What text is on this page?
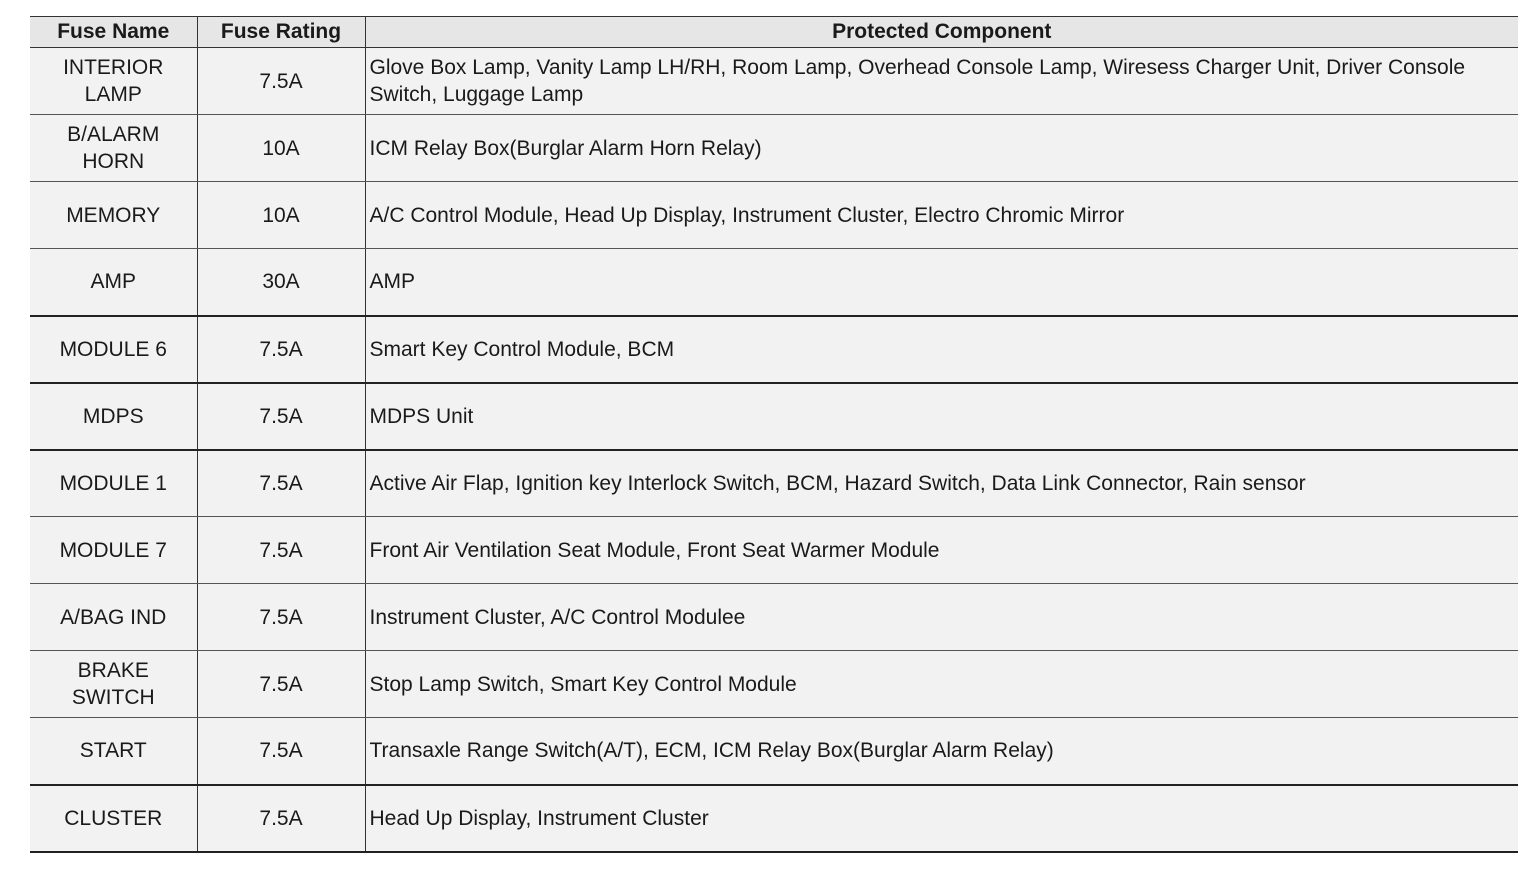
Fuse Name	Fuse Rating	Protected Component
INTERIOR LAMP	7.5A	Glove Box Lamp, Vanity Lamp LH/RH, Room Lamp, Overhead Console Lamp, Wiresess Charger Unit, Driver Console Switch, Luggage Lamp
B/ALARM HORN	10A	ICM Relay Box(Burglar Alarm Horn Relay)
MEMORY	10A	A/C Control Module, Head Up Display, Instrument Cluster, Electro Chromic Mirror
AMP	30A	AMP
MODULE 6	7.5A	Smart Key Control Module, BCM
MDPS	7.5A	MDPS Unit
MODULE 1	7.5A	Active Air Flap, Ignition key Interlock Switch, BCM, Hazard Switch, Data Link Connector, Rain sensor
MODULE 7	7.5A	Front Air Ventilation Seat Module, Front Seat Warmer Module
A/BAG IND	7.5A	Instrument Cluster, A/C Control Modulee
BRAKE SWITCH	7.5A	Stop Lamp Switch, Smart Key Control Module
START	7.5A	Transaxle Range Switch(A/T), ECM, ICM Relay Box(Burglar Alarm Relay)
CLUSTER	7.5A	Head Up Display, Instrument Cluster
